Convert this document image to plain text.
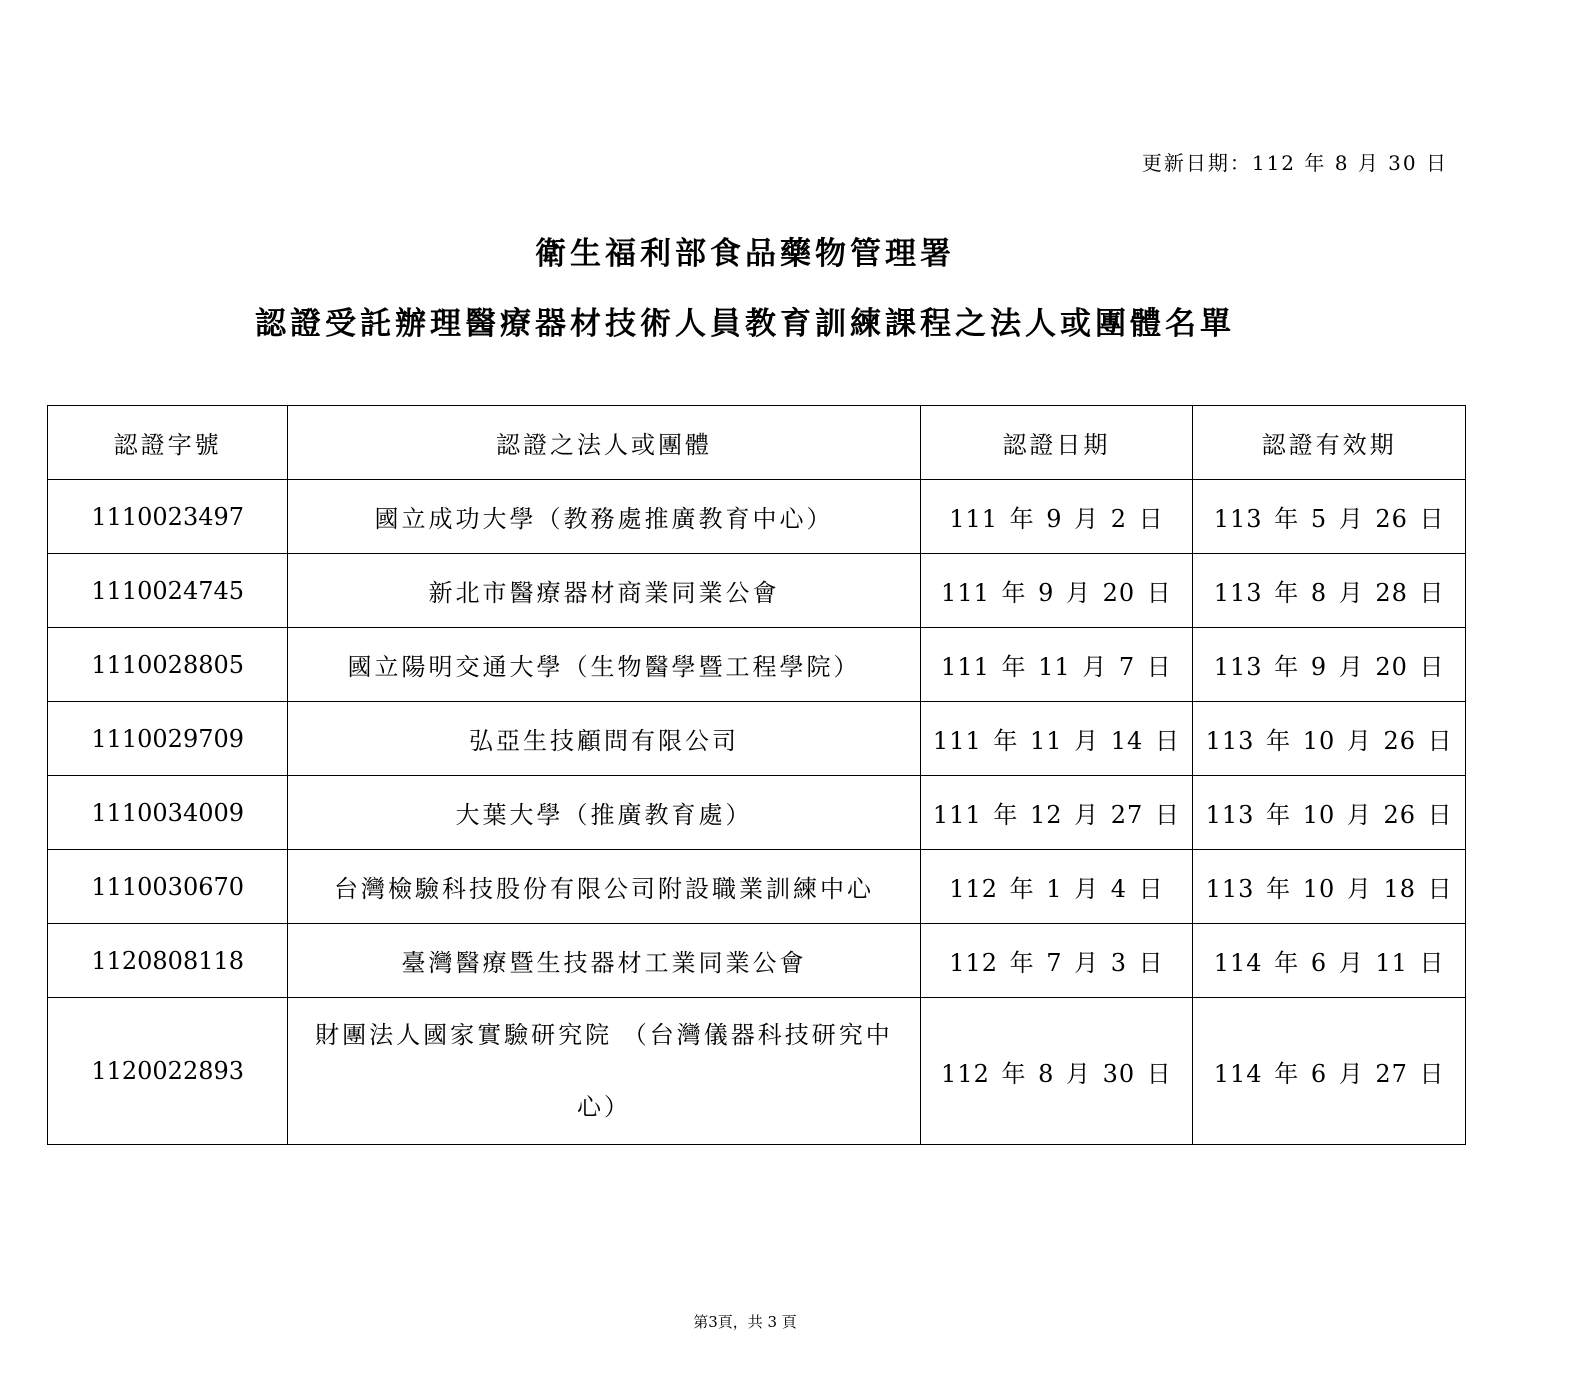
更新日期：112 年 8 月 30 日
衛生福利部食品藥物管理署
認證受託辦理醫療器材技術人員教育訓練課程之法人或團體名單
認證字號	認證之法人或團體	認證日期	認證有效期
1110023497	國立成功大學（教務處推廣教育中心）	111 年 9 月 2 日	113 年 5 月 26 日
1110024745	新北市醫療器材商業同業公會	111 年 9 月 20 日	113 年 8 月 28 日
1110028805	國立陽明交通大學（生物醫學暨工程學院）	111 年 11 月 7 日	113 年 9 月 20 日
1110029709	弘亞生技顧問有限公司	111 年 11 月 14 日	113 年 10 月 26 日
1110034009	大葉大學（推廣教育處）	111 年 12 月 27 日	113 年 10 月 26 日
1110030670	台灣檢驗科技股份有限公司附設職業訓練中心	112 年 1 月 4 日	113 年 10 月 18 日
1120808118	臺灣醫療暨生技器材工業同業公會	112 年 7 月 3 日	114 年 6 月 11 日
1120022893	財團法人國家實驗研究院 （台灣儀器科技研究中心）	112 年 8 月 30 日	114 年 6 月 27 日
第3頁，共 3 頁
